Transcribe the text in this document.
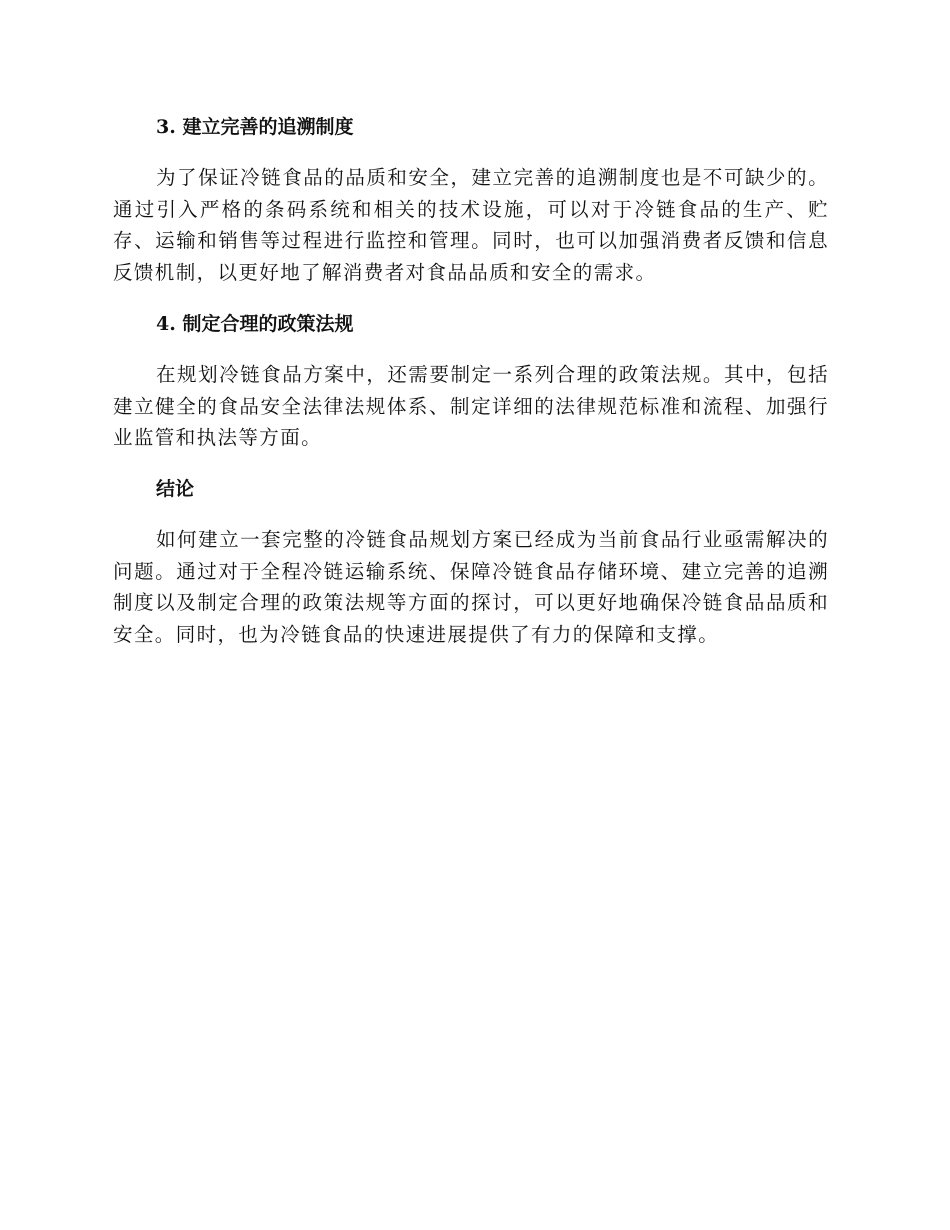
3. 建立完善的追溯制度

为了保证冷链食品的品质和安全，建立完善的追溯制度也是不可缺少的。通过引入严格的条码系统和相关的技术设施，可以对于冷链食品的生产、贮存、运输和销售等过程进行监控和管理。同时，也可以加强消费者反馈和信息反馈机制，以更好地了解消费者对食品品质和安全的需求。

4. 制定合理的政策法规

在规划冷链食品方案中，还需要制定一系列合理的政策法规。其中，包括建立健全的食品安全法律法规体系、制定详细的法律规范标准和流程、加强行业监管和执法等方面。

结论

如何建立一套完整的冷链食品规划方案已经成为当前食品行业亟需解决的问题。通过对于全程冷链运输系统、保障冷链食品存储环境、建立完善的追溯制度以及制定合理的政策法规等方面的探讨，可以更好地确保冷链食品品质和安全。同时，也为冷链食品的快速进展提供了有力的保障和支撑。
